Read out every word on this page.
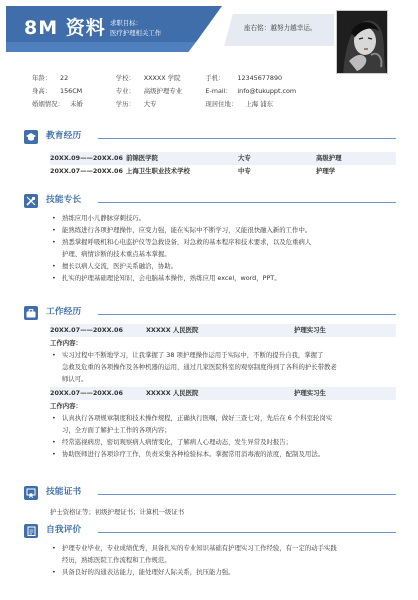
8M 资料 求职目标：
医疗护理相关工作
座右铭：越努力越幸运。
年龄：	22	学校：	XXXXX 学院	手机：	12345677890
身高：	156CM	专业：	高级护理专业	E-mail： info@tukuppt.com
婚姻情况： 未婚	学历：	大专	现居住地：	上海 浦东
教育经历
20XX.09——20XX.06 前锦医学院	大专	高级护理
20XX.07——20XX.06 上海卫生职业技术学校	中专	护理学
技能专长
• 熟练应用小儿静脉穿刺技巧。
• 能熟练进行各项护理操作，应变力强，能在实际中不断学习，又能很快融入新的工作中。
• 熟悉掌握呼吸机和心电监护仪等急救设备，对急救的基本程序和技术要求，以及危重病人
护理、病情诊断的技术重点基本掌握。
• 擅长以病人交流，医护关系融洽，协助。
• 扎实的护理基础理论知识，会电脑基本操作，熟练应用 excel，word，PPT。
工作经历
20XX.07——20XX.06	XXXXX 人民医院	护理实习生
工作内容：
• 实习过程中不断地学习，让我掌握了 38 项护理操作运用于实际中，不断的提升自我，掌握了
急救及危重的各项操作及各种机器的运用，通过几家医院科室的观察制度得到了各科的护长带教老
师认可。
20XX.07——20XX.06	XXXXX 人民医院	护理实习生
工作内容：
• 认真执行各项规章制度和技术操作规程，正确执行医嘱，做好三查七对，先后在 6 个科室轮岗实
习，全方面了解护士工作的各项内容；
• 经常巡视病房，密切观察病人病情变化，了解病人心理动态，发生异常及时报告；
• 协助医师进行各项诊疗工作，负责采集各种检验标本。掌握常用消毒液的浓度，配制及用法。
技能证书
护士资格证等；初级护理证书；计算机一级证书
自我评价
• 护理专业毕业，专业成绩优秀，具备扎实的专业知识基础有护理实习工作经验，有一定的动手实践
经历，熟练医院工作流程和工作规范。
• 具备良好的沟通表达能力，能处理好人际关系，抗压能力强。
